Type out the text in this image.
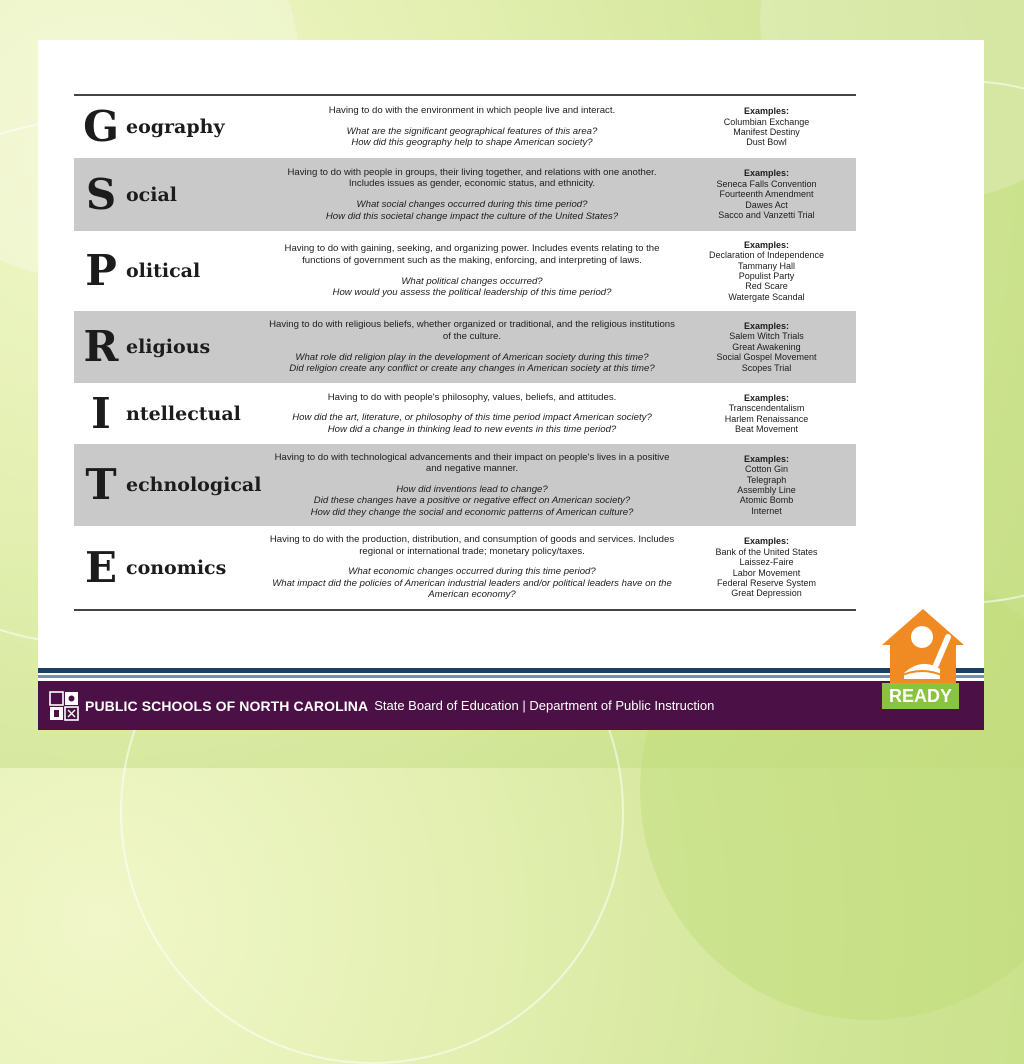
G eography
Having to do with the environment in which people live and interact.
What are the significant geographical features of this area?
How did this geography help to shape American society?
Examples:
Columbian Exchange
Manifest Destiny
Dust Bowl
S ocial
Having to do with people in groups, their living together, and relations with one another. Includes issues as gender, economic status, and ethnicity.
What social changes occurred during this time period?
How did this societal change impact the culture of the United States?
Examples:
Seneca Falls Convention
Fourteenth Amendment
Dawes Act
Sacco and Vanzetti Trial
P olitical
Having to do with gaining, seeking, and organizing power. Includes events relating to the functions of government such as the making, enforcing, and interpreting of laws.
What political changes occurred?
How would you assess the political leadership of this time period?
Examples:
Declaration of Independence
Tammany Hall
Populist Party
Red Scare
Watergate Scandal
R eligious
Having to do with religious beliefs, whether organized or traditional, and the religious institutions of the culture.
What role did religion play in the development of American society during this time?
Did religion create any conflict or create any changes in American society at this time?
Examples:
Salem Witch Trials
Great Awakening
Social Gospel Movement
Scopes Trial
I ntellectual
Having to do with people's philosophy, values, beliefs, and attitudes.
How did the art, literature, or philosophy of this time period impact American society?
How did a change in thinking lead to new events in this time period?
Examples:
Transcendentalism
Harlem Renaissance
Beat Movement
T echnological
Having to do with technological advancements and their impact on people's lives in a positive and negative manner.
How did inventions lead to change?
Did these changes have a positive or negative effect on American society?
How did they change the social and economic patterns of American culture?
Examples:
Cotton Gin
Telegraph
Assembly Line
Atomic Bomb
Internet
E conomics
Having to do with the production, distribution, and consumption of goods and services. Includes regional or international trade; monetary policy/taxes.
What economic changes occurred during this time period?
What impact did the policies of American industrial leaders and/or political leaders have on the American economy?
Examples:
Bank of the United States
Laissez-Faire
Labor Movement
Federal Reserve System
Great Depression
PUBLIC SCHOOLS OF NORTH CAROLINA State Board of Education | Department of Public Instruction	READY
